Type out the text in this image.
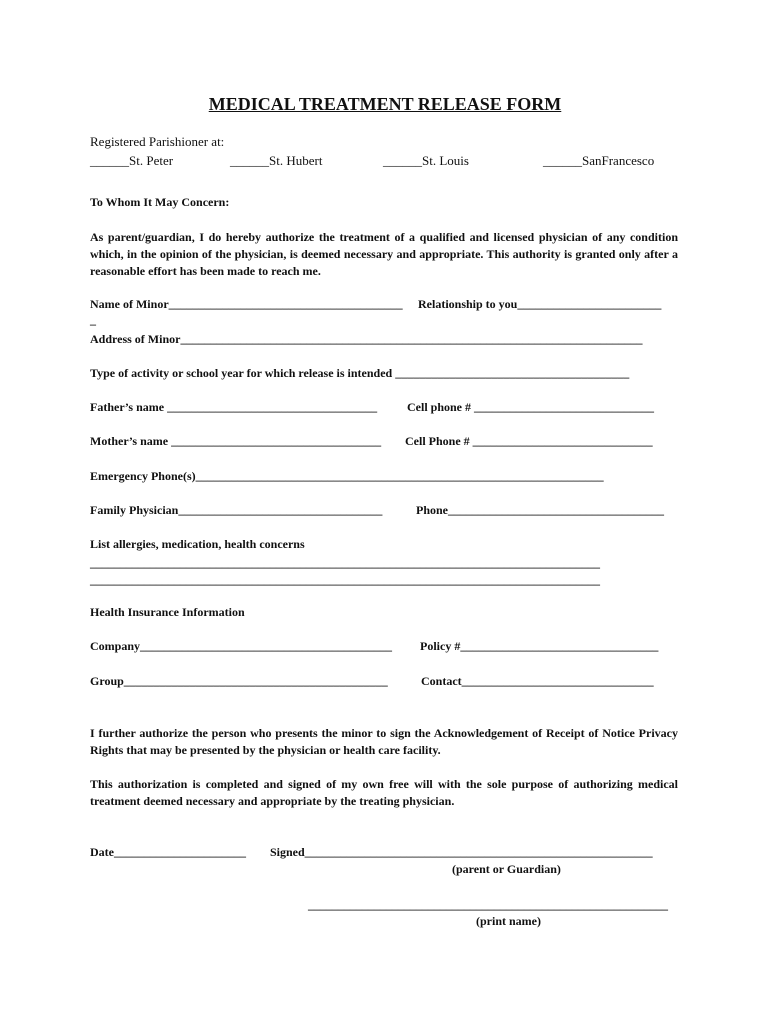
MEDICAL TREATMENT RELEASE FORM
Registered Parishioner at:
______St. Peter	______St. Hubert	______St. Louis	______SanFrancesco
To Whom It May Concern:
As parent/guardian, I do hereby authorize the treatment of a qualified and licensed physician of any condition which, in the opinion of the physician, is deemed necessary and appropriate. This authority is granted only after a reasonable effort has been made to reach me.
Name of Minor_______________________________________ Relationship to you________________________
_
Address of Minor_____________________________________________________________________________
Type of activity or school year for which release is intended _______________________________________
Father’s name ___________________________________ Cell phone # ______________________________
Mother’s name ___________________________________ Cell Phone # ______________________________
Emergency Phone(s)____________________________________________________________________
Family Physician__________________________________	Phone____________________________________
List allergies, medication, health concerns
_____________________________________________________________________________________
_____________________________________________________________________________________
Health Insurance Information
Company__________________________________________ Policy #_________________________________
Group____________________________________________	Contact________________________________
I further authorize the person who presents the minor to sign the Acknowledgement of Receipt of Notice Privacy Rights that may be presented by the physician or health care facility.
This authorization is completed and signed of my own free will with the sole purpose of authorizing medical treatment deemed necessary and appropriate by the treating physician.
Date______________________ Signed__________________________________________________________
(parent or Guardian)
____________________________________________________________
(print name)
